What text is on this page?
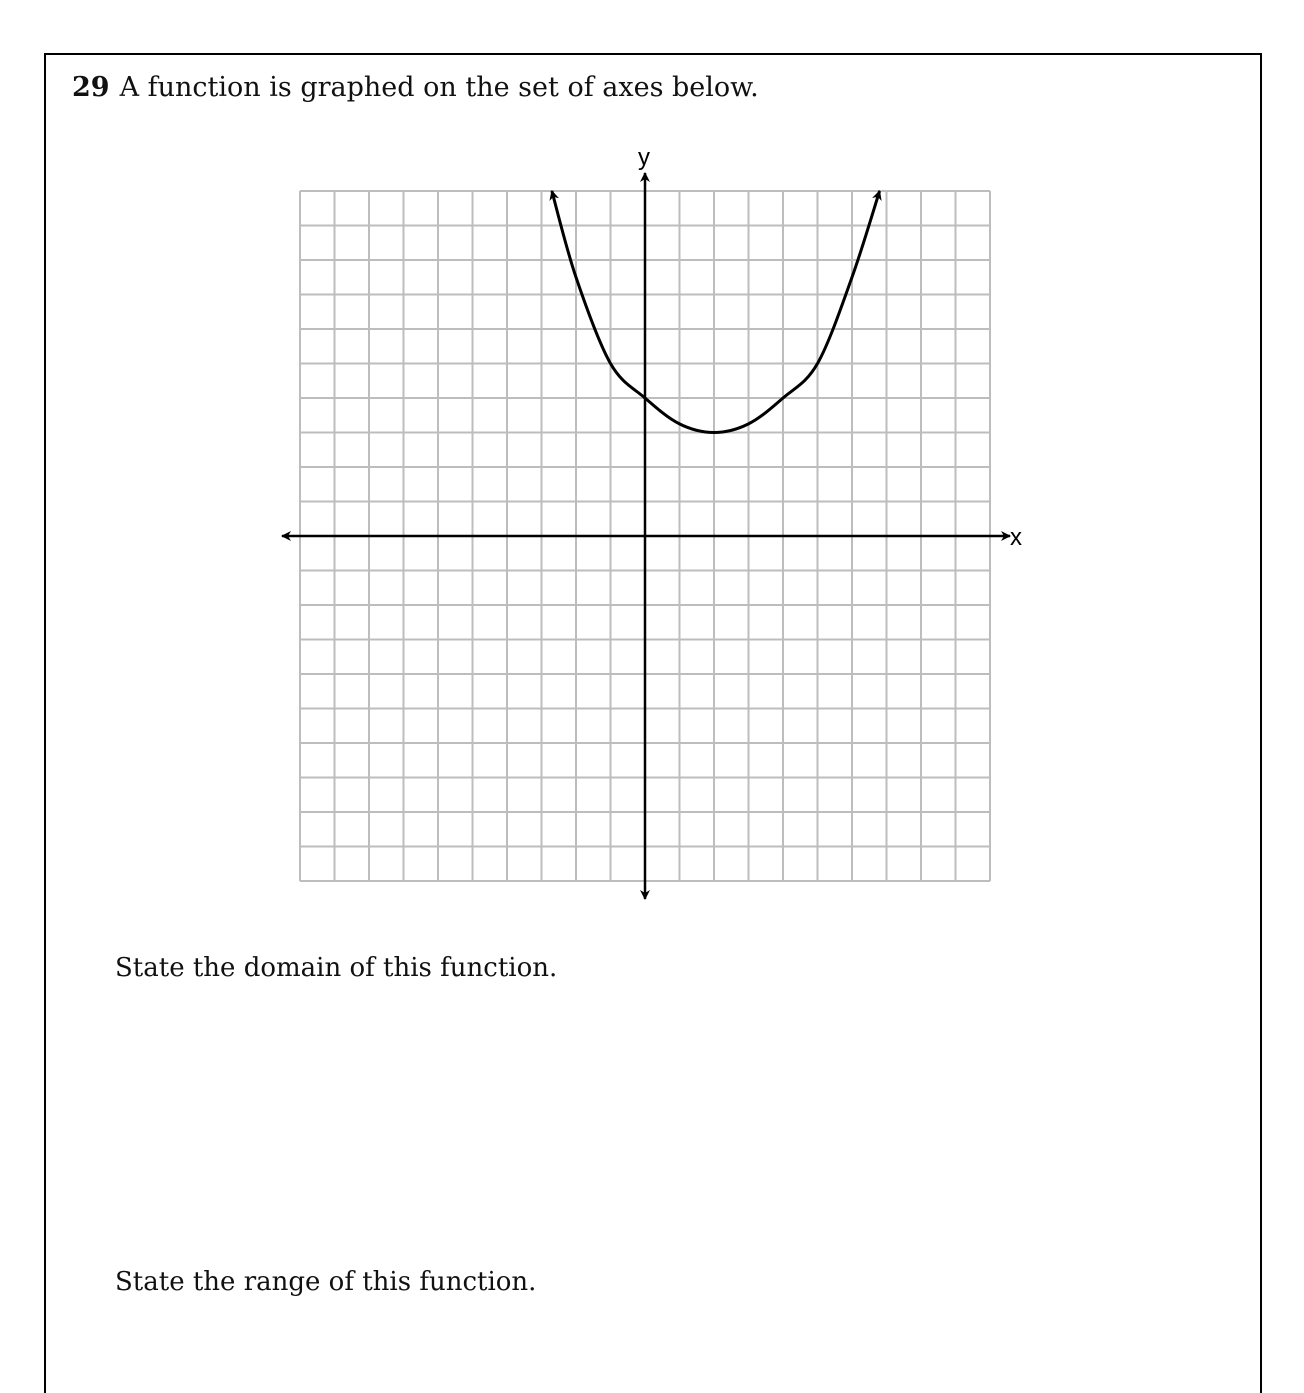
29 A function is graphed on the set of axes below.
x
y
State the domain of this function.
State the range of this function.
